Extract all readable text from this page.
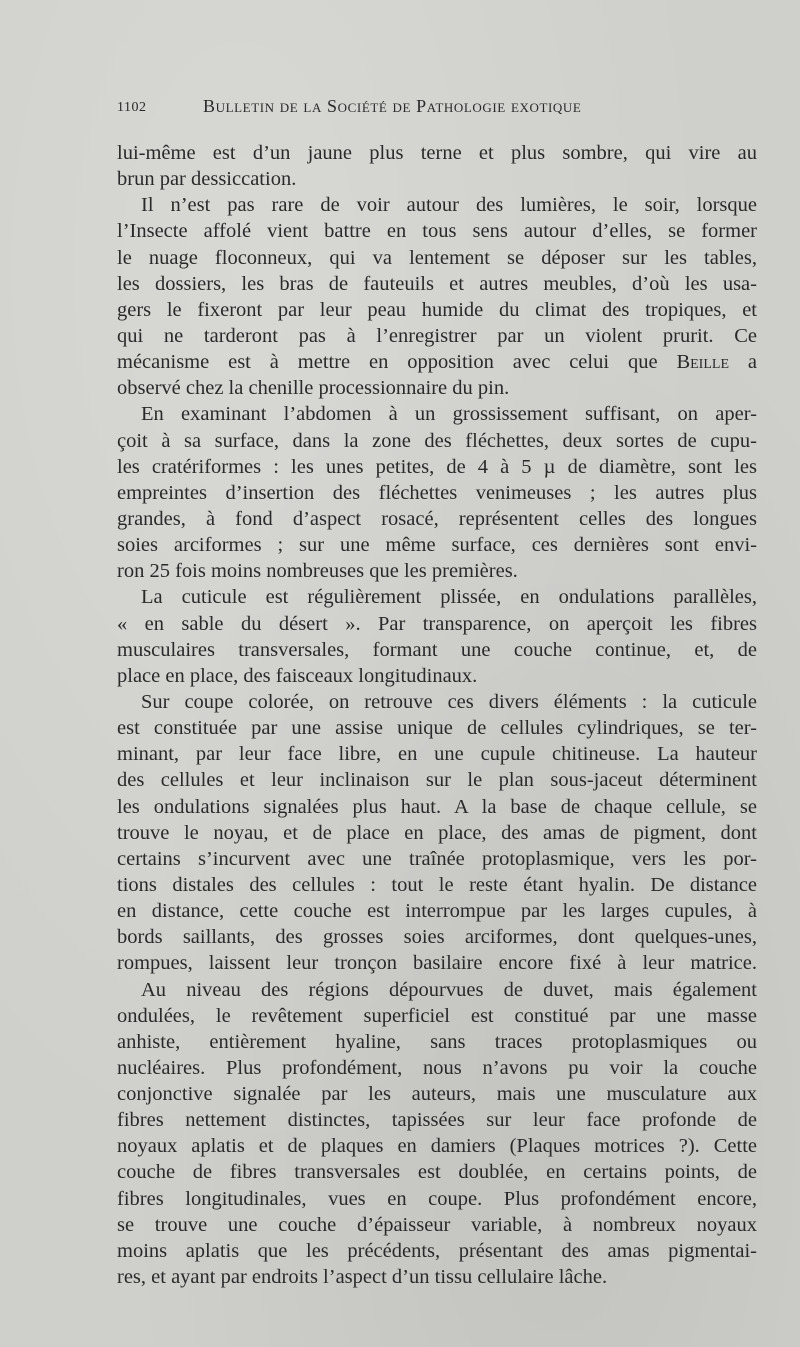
1102	Bulletin de la Société de Pathologie exotique
lui-même est d’un jaune plus terne et plus sombre, qui vire au
brun par dessiccation.
Il n’est pas rare de voir autour des lumières, le soir, lorsque
l’Insecte affolé vient battre en tous sens autour d’elles, se former
le nuage floconneux, qui va lentement se déposer sur les tables,
les dossiers, les bras de fauteuils et autres meubles, d’où les usa-
gers le fixeront par leur peau humide du climat des tropiques, et
qui ne tarderont pas à l’enregistrer par un violent prurit. Ce
mécanisme est à mettre en opposition avec celui que Beille a
observé chez la chenille processionnaire du pin.
En examinant l’abdomen à un grossissement suffisant, on aper-
çoit à sa surface, dans la zone des fléchettes, deux sortes de cupu-
les cratériformes : les unes petites, de 4 à 5 µ de diamètre, sont les
empreintes d’insertion des fléchettes venimeuses ; les autres plus
grandes, à fond d’aspect rosacé, représentent celles des longues
soies arciformes ; sur une même surface, ces dernières sont envi-
ron 25 fois moins nombreuses que les premières.
La cuticule est régulièrement plissée, en ondulations parallèles,
« en sable du désert ». Par transparence, on aperçoit les fibres
musculaires transversales, formant une couche continue, et, de
place en place, des faisceaux longitudinaux.
Sur coupe colorée, on retrouve ces divers éléments : la cuticule
est constituée par une assise unique de cellules cylindriques, se ter-
minant, par leur face libre, en une cupule chitineuse. La hauteur
des cellules et leur inclinaison sur le plan sous-jaceut déterminent
les ondulations signalées plus haut. A la base de chaque cellule, se
trouve le noyau, et de place en place, des amas de pigment, dont
certains s’incurvent avec une traînée protoplasmique, vers les por-
tions distales des cellules : tout le reste étant hyalin. De distance
en distance, cette couche est interrompue par les larges cupules, à
bords saillants, des grosses soies arciformes, dont quelques-unes,
rompues, laissent leur tronçon basilaire encore fixé à leur matrice.
Au niveau des régions dépourvues de duvet, mais également
ondulées, le revêtement superficiel est constitué par une masse
anhiste, entièrement hyaline, sans traces protoplasmiques ou
nucléaires. Plus profondément, nous n’avons pu voir la couche
conjonctive signalée par les auteurs, mais une musculature aux
fibres nettement distinctes, tapissées sur leur face profonde de
noyaux aplatis et de plaques en damiers (Plaques motrices ?). Cette
couche de fibres transversales est doublée, en certains points, de
fibres longitudinales, vues en coupe. Plus profondément encore,
se trouve une couche d’épaisseur variable, à nombreux noyaux
moins aplatis que les précédents, présentant des amas pigmentai-
res, et ayant par endroits l’aspect d’un tissu cellulaire lâche.
